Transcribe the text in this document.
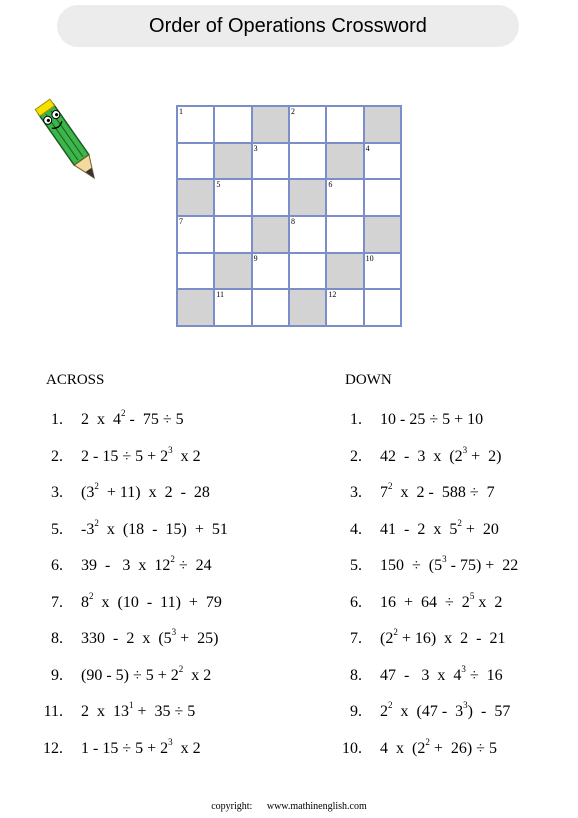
Order of Operations Crossword
1	2
3	4
5	6
7	8
9	10
11	12
ACROSS	DOWN
1. 2  x  $4^2 - 75 \div 5$
2. $2 - 15 \div 5 + 2^3$  x 2
3. $(3^2 + 11)$  x  2  -  28
5. $-3^2$  x  (18  -  15)  +  51
6. 39  -   3  x  $12^2 \div 24$
7. $8^2$  x  (10  -  11)  +  79
8. 330  -  2  x  $(5^3 + 25)$
9. $(90 - 5) \div 5 + 2^2$  x 2
11. 2  x  $13^1 + 35 \div 5$
12. $1 - 15 \div 5 + 2^3$  x 2
1. 10 - 25 ÷ 5 + 10
2. 42  -  3  x  $(2^3 + 2)$
3. $7^2$  x  2 -  588 ÷  7
4. 41  -  2  x  $5^2 + 20$
5. $150 \div (5^3 - 75) + 22$
6. $16 + 64 \div 2^5$ x  2
7. $(2^2 + 16)$  x  2  -  21
8. 47  -   3  x  $4^3 \div 16$
9. $2^2$  x  $(47 - 3^3) - 57$
10. 4  x  $(2^2 + 26) \div 5$
copyright: www.mathinenglish.com
